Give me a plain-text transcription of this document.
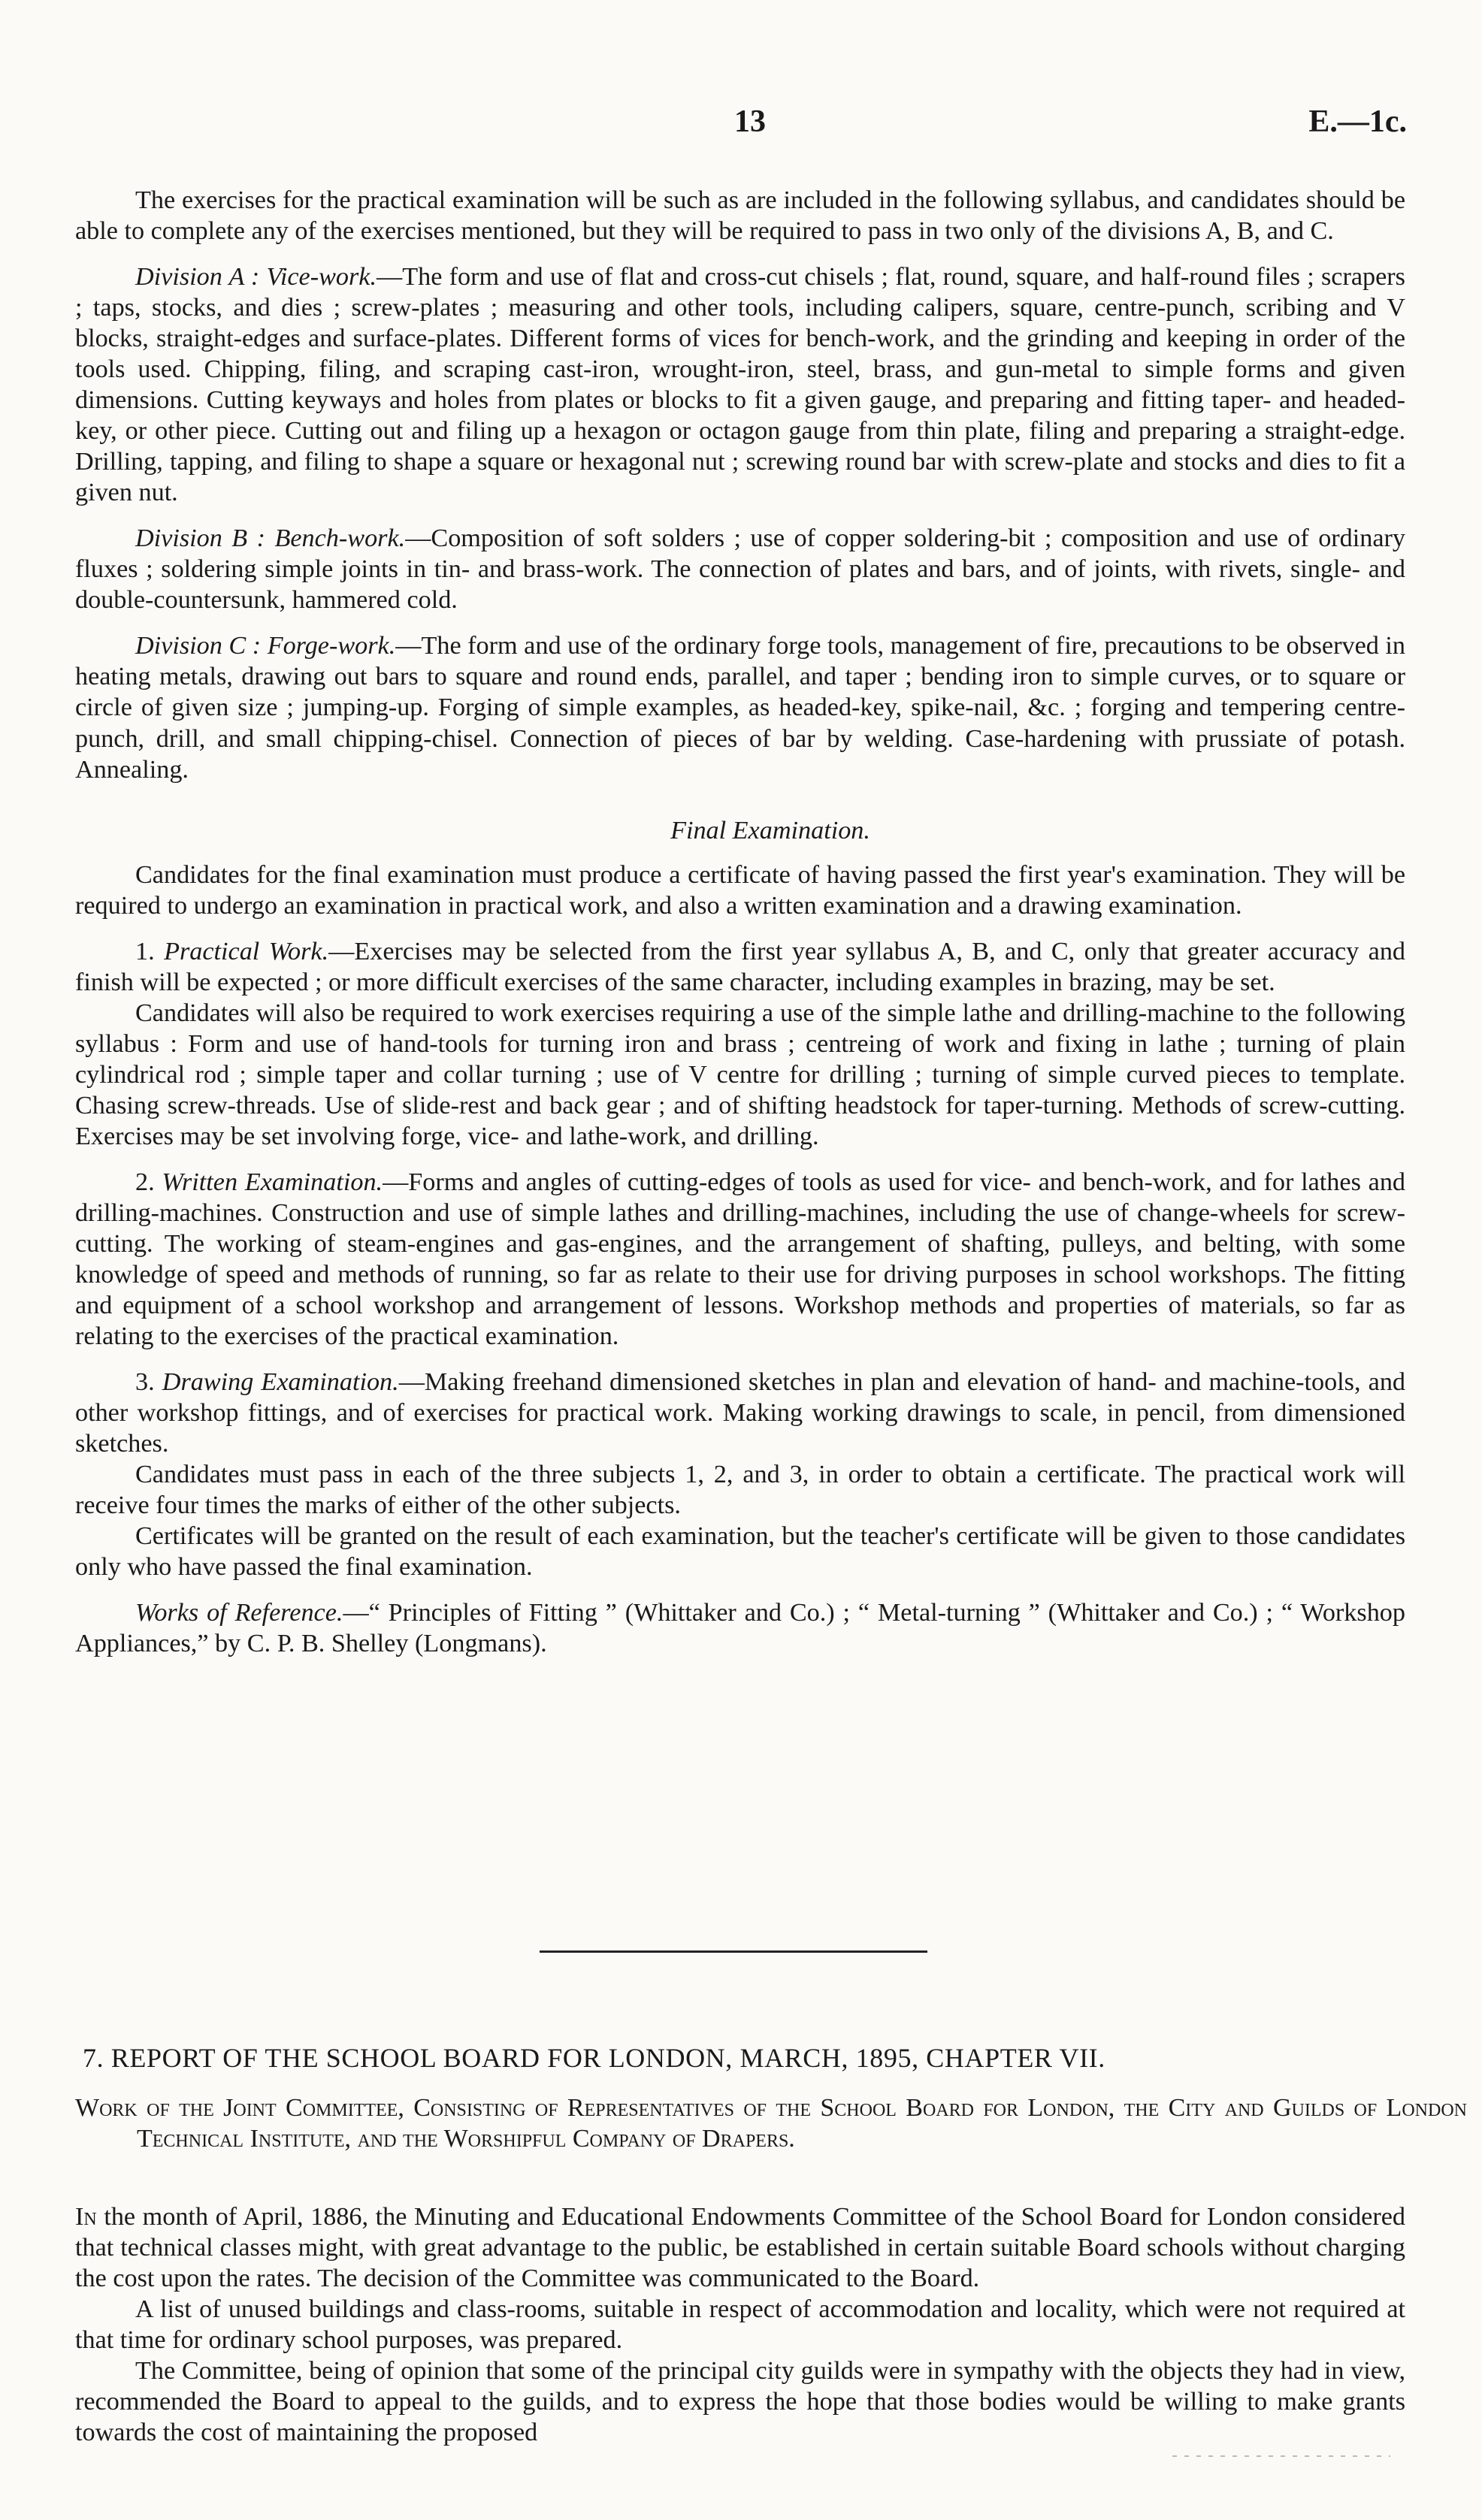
13	E.—1c.

The exercises for the practical examination will be such as are included in the following syllabus, and candidates should be able to complete any of the exercises mentioned, but they will be required to pass in two only of the divisions A, B, and C.

Division A : Vice-work.—The form and use of flat and cross-cut chisels ; flat, round, square, and half-round files ; scrapers ; taps, stocks, and dies ; screw-plates ; measuring and other tools, including calipers, square, centre-punch, scribing and V blocks, straight-edges and surface-plates. Different forms of vices for bench-work, and the grinding and keeping in order of the tools used. Chipping, filing, and scraping cast-iron, wrought-iron, steel, brass, and gun-metal to simple forms and given dimensions. Cutting keyways and holes from plates or blocks to fit a given gauge, and preparing and fitting taper- and headed-key, or other piece. Cutting out and filing up a hexagon or octagon gauge from thin plate, filing and preparing a straight-edge. Drilling, tapping, and filing to shape a square or hexagonal nut ; screwing round bar with screw-plate and stocks and dies to fit a given nut.

Division B : Bench-work.—Composition of soft solders ; use of copper soldering-bit ; composition and use of ordinary fluxes ; soldering simple joints in tin- and brass-work. The connection of plates and bars, and of joints, with rivets, single- and double-countersunk, hammered cold.

Division C : Forge-work.—The form and use of the ordinary forge tools, management of fire, precautions to be observed in heating metals, drawing out bars to square and round ends, parallel, and taper ; bending iron to simple curves, or to square or circle of given size ; jumping-up. Forging of simple examples, as headed-key, spike-nail, &c. ; forging and tempering centre-punch, drill, and small chipping-chisel. Connection of pieces of bar by welding. Case-hardening with prussiate of potash. Annealing.

Final Examination.

Candidates for the final examination must produce a certificate of having passed the first year's examination. They will be required to undergo an examination in practical work, and also a written examination and a drawing examination.

1. Practical Work.—Exercises may be selected from the first year syllabus A, B, and C, only that greater accuracy and finish will be expected ; or more difficult exercises of the same character, including examples in brazing, may be set.

Candidates will also be required to work exercises requiring a use of the simple lathe and drilling-machine to the following syllabus : Form and use of hand-tools for turning iron and brass ; centreing of work and fixing in lathe ; turning of plain cylindrical rod ; simple taper and collar turning ; use of V centre for drilling ; turning of simple curved pieces to template. Chasing screw-threads. Use of slide-rest and back gear ; and of shifting headstock for taper-turning. Methods of screw-cutting. Exercises may be set involving forge, vice- and lathe-work, and drilling.

2. Written Examination.—Forms and angles of cutting-edges of tools as used for vice- and bench-work, and for lathes and drilling-machines. Construction and use of simple lathes and drilling-machines, including the use of change-wheels for screw-cutting. The working of steam-engines and gas-engines, and the arrangement of shafting, pulleys, and belting, with some knowledge of speed and methods of running, so far as relate to their use for driving purposes in school workshops. The fitting and equipment of a school workshop and arrangement of lessons. Workshop methods and properties of materials, so far as relating to the exercises of the practical examination.

3. Drawing Examination.—Making freehand dimensioned sketches in plan and elevation of hand- and machine-tools, and other workshop fittings, and of exercises for practical work. Making working drawings to scale, in pencil, from dimensioned sketches.

Candidates must pass in each of the three subjects 1, 2, and 3, in order to obtain a certificate. The practical work will receive four times the marks of either of the other subjects.

Certificates will be granted on the result of each examination, but the teacher's certificate will be given to those candidates only who have passed the final examination.

Works of Reference.—“ Principles of Fitting ” (Whittaker and Co.) ; “ Metal-turning ” (Whittaker and Co.) ; “ Workshop Appliances,” by C. P. B. Shelley (Longmans).

7. REPORT OF THE SCHOOL BOARD FOR LONDON, MARCH, 1895, CHAPTER VII.
Work of the Joint Committee, Consisting of Representatives of the School Board for London, the City and Guilds of London Technical Institute, and the Worshipful Company of Drapers.

In the month of April, 1886, the Minuting and Educational Endowments Committee of the School Board for London considered that technical classes might, with great advantage to the public, be established in certain suitable Board schools without charging the cost upon the rates. The decision of the Committee was communicated to the Board.

A list of unused buildings and class-rooms, suitable in respect of accommodation and locality, which were not required at that time for ordinary school purposes, was prepared.

The Committee, being of opinion that some of the principal city guilds were in sympathy with the objects they had in view, recommended the Board to appeal to the guilds, and to express the hope that those bodies would be willing to make grants towards the cost of maintaining the proposed
